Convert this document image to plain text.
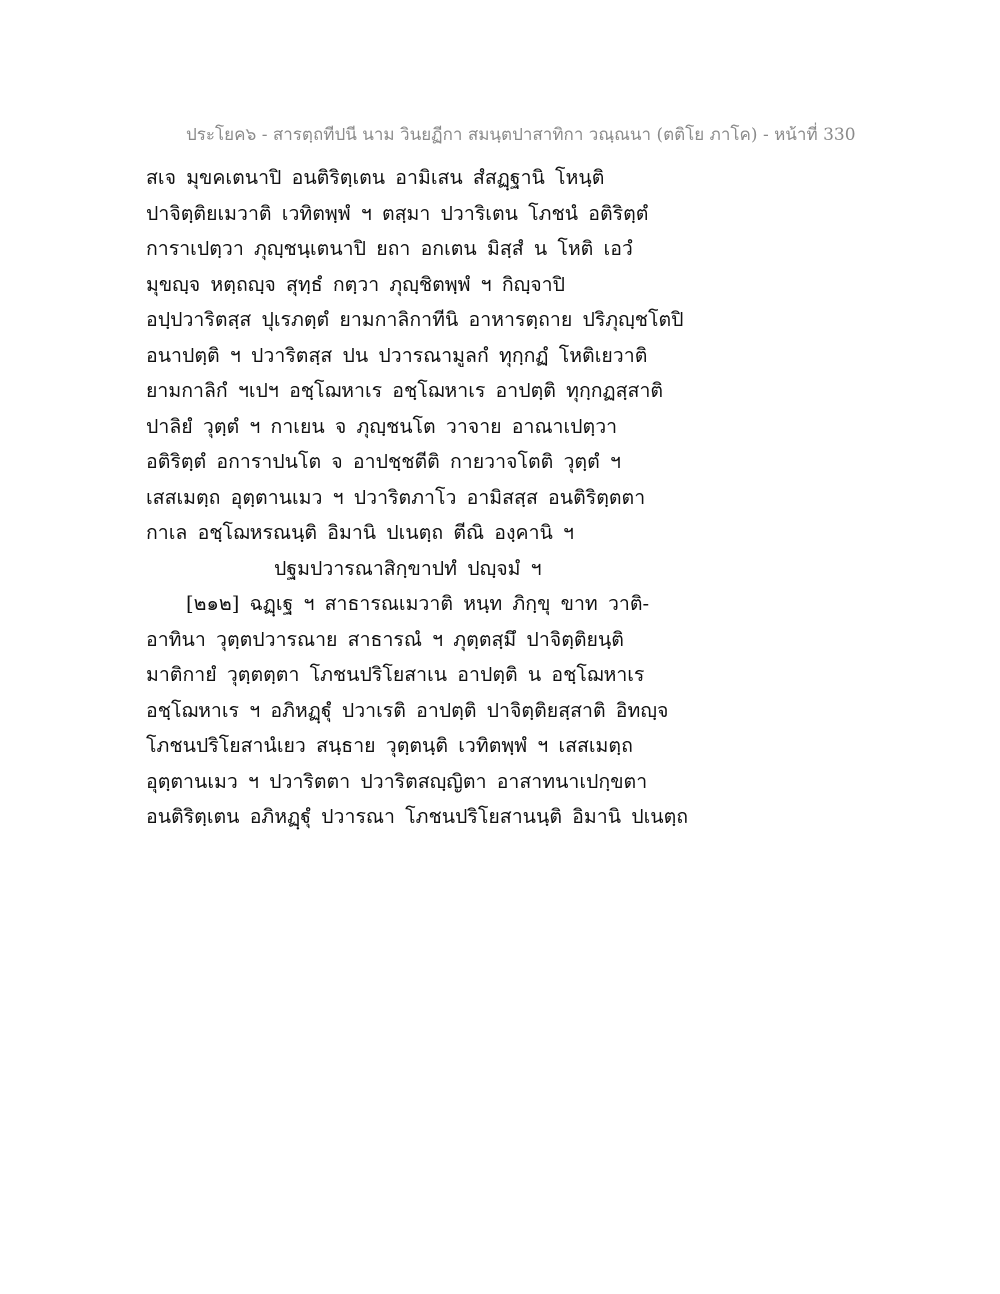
ประโยค๖ - สารตฺถทีปนี นาม วินยฏีกา สมนฺตปาสาทิกา วณฺณนา (ตติโย ภาโค) - หน้าที่ 330
สเจ มุขคเตนาปิ อนติริตฺเตน อามิเสน สํสฏฺฐานิ โหนฺติ
ปาจิตฺติยเมวาติ เวทิตพฺพํ ฯ ตสฺมา ปวาริเตน โภชนํ อติริตฺตํ
การาเปตฺวา ภุญฺชนฺเตนาปิ ยถา อกเตน มิสฺสํ น โหติ เอวํ
มุขญฺจ หตฺถญฺจ สุทฺธํ กตฺวา ภุญฺชิตพฺพํ ฯ กิญฺจาปิ
อปฺปวาริตสฺส ปุเรภตฺตํ ยามกาลิกาทีนิ อาหารตฺถาย ปริภุญฺชโตปิ
อนาปตฺติ ฯ ปวาริตสฺส ปน ปวารณามูลกํ ทุกฺกฏํ โหติเยวาติ
ยามกาลิกํ ฯเปฯ อชฺโฌหาเร อชฺโฌหาเร อาปตฺติ ทุกฺกฏสฺสาติ
ปาลิยํ วุตฺตํ ฯ กาเยน จ ภุญฺชนโต วาจาย อาณาเปตฺวา
อติริตฺตํ อการาปนโต จ อาปชฺชตีติ กายวาจโตติ วุตฺตํ ฯ
เสสเมตฺถ อุตฺตานเมว ฯ ปวาริตภาโว อามิสสฺส อนติริตฺตตา
กาเล อชฺโฌหรณนฺติ อิมานิ ปเนตฺถ ตีณิ องฺคานิ ฯ
ปฐมปวารณาสิกฺขาปทํ ปญฺจมํ ฯ
[๒๑๒] ฉฏฺเฐ ฯ สาธารณเมวาติ หนฺท ภิกฺขุ ขาท วาติ-
อาทินา วุตฺตปวารณาย สาธารณํ ฯ ภุตฺตสฺมึ ปาจิตฺติยนฺติ
มาติกายํ วุตฺตตฺตา โภชนปริโยสาเน อาปตฺติ น อชฺโฌหาเร
อชฺโฌหาเร ฯ อภิหฏฺฐุํ ปวาเรติ อาปตฺติ ปาจิตฺติยสฺสาติ อิทญฺจ
โภชนปริโยสานํเยว สนฺธาย วุตฺตนฺติ เวทิตพฺพํ ฯ เสสเมตฺถ
อุตฺตานเมว ฯ ปวาริตตา ปวาริตสญฺญิตา อาสาทนาเปกฺขตา
อนติริตฺเตน อภิหฏฺฐุํ ปวารณา โภชนปริโยสานนฺติ อิมานิ ปเนตฺถ
